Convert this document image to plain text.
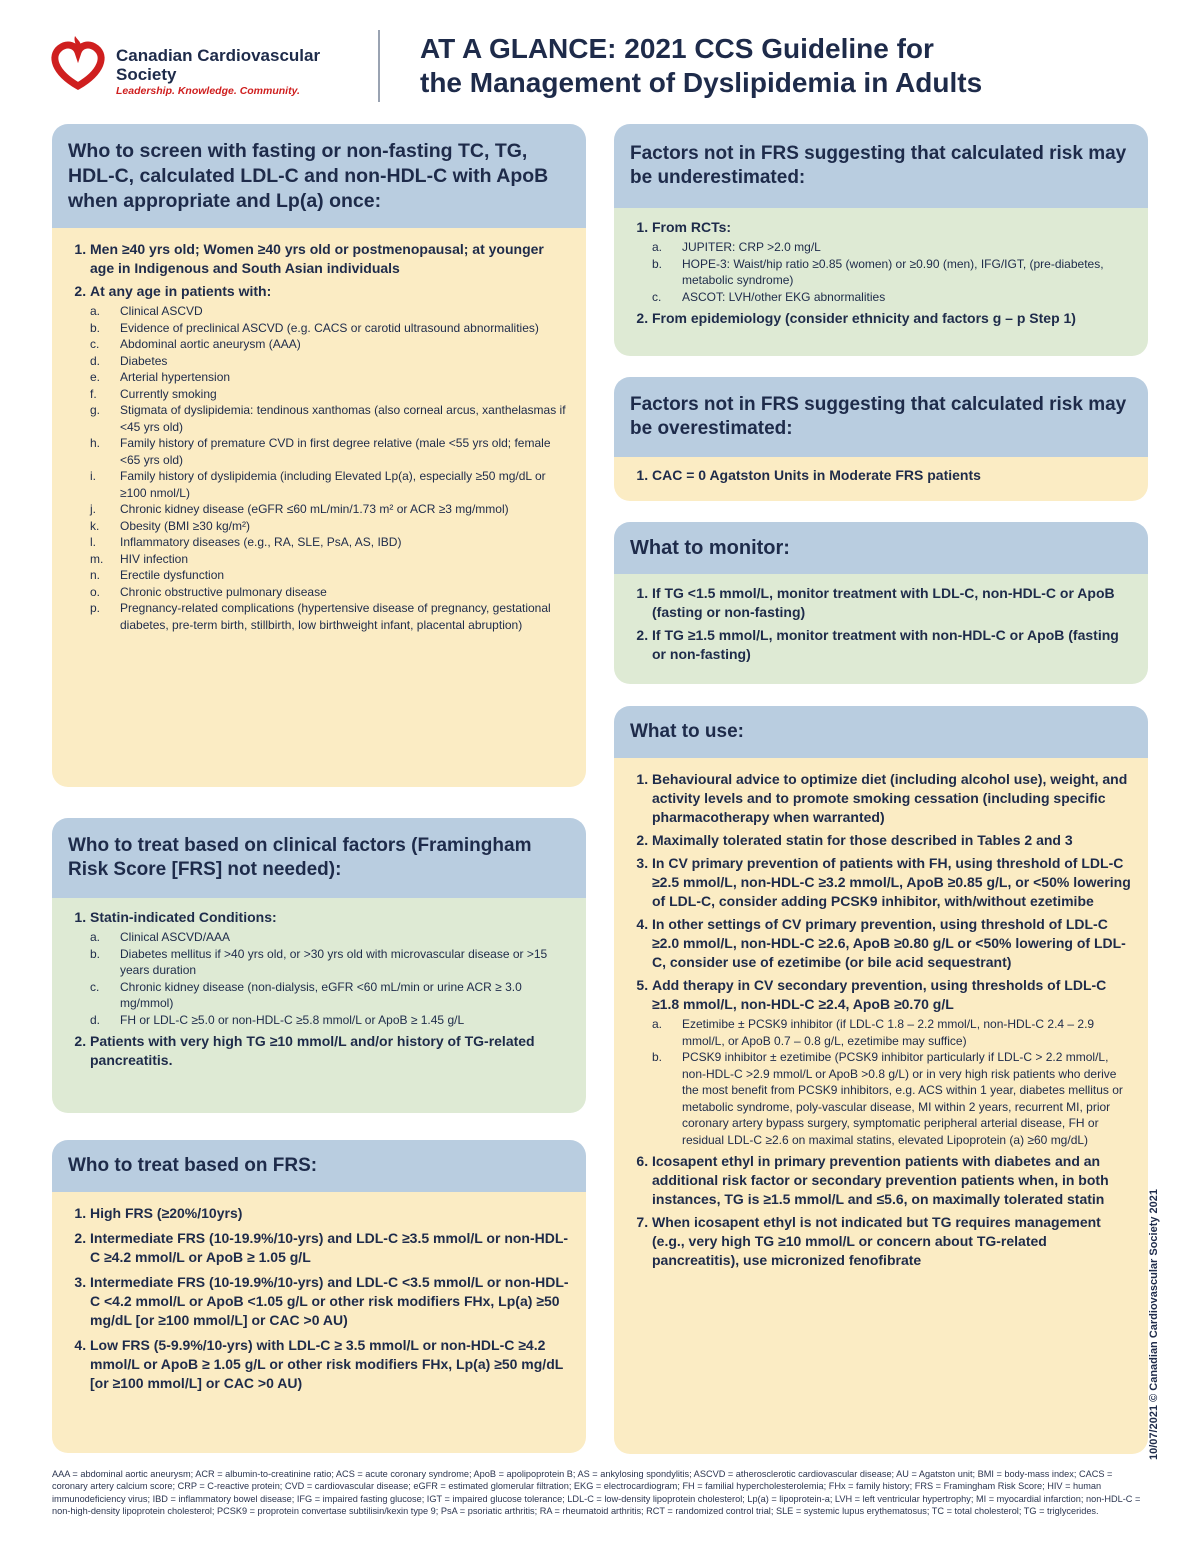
Canadian Cardiovascular
Society
Leadership. Knowledge. Community.
AT A GLANCE: 2021 CCS Guideline for
the Management of Dyslipidemia in Adults
Who to screen with fasting or non-fasting TC, TG, HDL-C, calculated LDL-C and non-HDL-C with ApoB when appropriate and Lp(a) once:
1. Men ≥40 yrs old; Women ≥40 yrs old or postmenopausal; at younger age in Indigenous and South Asian individuals
2. At any age in patients with:
a.	Clinical ASCVD
b.	Evidence of preclinical ASCVD (e.g. CACS or carotid ultrasound abnormalities)
c.	Abdominal aortic aneurysm (AAA)
d.	Diabetes
e.	Arterial hypertension
f.	Currently smoking
g.	Stigmata of dyslipidemia: tendinous xanthomas (also corneal arcus, xanthelasmas if <45 yrs old)
h.	Family history of premature CVD in first degree relative (male <55 yrs old; female <65 yrs old)
i.	Family history of dyslipidemia (including Elevated Lp(a), especially ≥50 mg/dL or ≥100 nmol/L)
j.	Chronic kidney disease (eGFR ≤60 mL/min/1.73 m² or ACR ≥3 mg/mmol)
k.	Obesity (BMI ≥30 kg/m²)
l.	Inflammatory diseases (e.g., RA, SLE, PsA, AS, IBD)
m.	HIV infection
n.	Erectile dysfunction
o.	Chronic obstructive pulmonary disease
p.	Pregnancy-related complications (hypertensive disease of pregnancy, gestational diabetes, pre-term birth, stillbirth, low birthweight infant, placental abruption)
Who to treat based on clinical factors (Framingham Risk Score [FRS] not needed):
1. Statin-indicated Conditions:
a.	Clinical ASCVD/AAA
b.	Diabetes mellitus if >40 yrs old, or >30 yrs old with microvascular disease or >15 years duration
c.	Chronic kidney disease (non-dialysis, eGFR <60 mL/min or urine ACR ≥ 3.0 mg/mmol)
d.	FH or LDL-C ≥5.0 or non-HDL-C ≥5.8 mmol/L or ApoB ≥ 1.45 g/L
2. Patients with very high TG ≥10 mmol/L and/or history of TG-related pancreatitis.
Who to treat based on FRS:
1. High FRS (≥20%/10yrs)
2. Intermediate FRS (10-19.9%/10-yrs) and LDL-C ≥3.5 mmol/L or non-HDL-C ≥4.2 mmol/L or ApoB ≥ 1.05 g/L
3. Intermediate FRS (10-19.9%/10-yrs) and LDL-C <3.5 mmol/L or non-HDL-C <4.2 mmol/L or ApoB <1.05 g/L or other risk modifiers FHx, Lp(a) ≥50 mg/dL [or ≥100 mmol/L] or CAC >0 AU)
4. Low FRS (5-9.9%/10-yrs) with LDL-C ≥ 3.5 mmol/L or non-HDL-C ≥4.2 mmol/L or ApoB ≥ 1.05 g/L or other risk modifiers FHx, Lp(a) ≥50 mg/dL [or ≥100 mmol/L] or CAC >0 AU)
Factors not in FRS suggesting that calculated risk may be underestimated:
1. From RCTs:
a.	JUPITER: CRP >2.0 mg/L
b.	HOPE-3: Waist/hip ratio ≥0.85 (women) or ≥0.90 (men), IFG/IGT, (pre-diabetes, metabolic syndrome)
c.	ASCOT: LVH/other EKG abnormalities
2. From epidemiology (consider ethnicity and factors g – p Step 1)
Factors not in FRS suggesting that calculated risk may be overestimated:
1. CAC = 0 Agatston Units in Moderate FRS patients
What to monitor:
1. If TG <1.5 mmol/L, monitor treatment with LDL-C, non-HDL-C or ApoB (fasting or non-fasting)
2. If TG ≥1.5 mmol/L, monitor treatment with non-HDL-C or ApoB (fasting or non-fasting)
What to use:
1. Behavioural advice to optimize diet (including alcohol use), weight, and activity levels and to promote smoking cessation (including specific pharmacotherapy when warranted)
2. Maximally tolerated statin for those described in Tables 2 and 3
3. In CV primary prevention of patients with FH, using threshold of LDL-C ≥2.5 mmol/L, non-HDL-C ≥3.2 mmol/L, ApoB ≥0.85 g/L, or <50% lowering of LDL-C, consider adding PCSK9 inhibitor, with/without ezetimibe
4. In other settings of CV primary prevention, using threshold of LDL-C ≥2.0 mmol/L, non-HDL-C ≥2.6, ApoB ≥0.80 g/L or <50% lowering of LDL-C, consider use of ezetimibe (or bile acid sequestrant)
5. Add therapy in CV secondary prevention, using thresholds of LDL-C ≥1.8 mmol/L, non-HDL-C ≥2.4, ApoB ≥0.70 g/L
a.	Ezetimibe ± PCSK9 inhibitor (if LDL-C 1.8 – 2.2 mmol/L, non-HDL-C 2.4 – 2.9 mmol/L, or ApoB 0.7 – 0.8 g/L, ezetimibe may suffice)
b.	PCSK9 inhibitor ± ezetimibe (PCSK9 inhibitor particularly if LDL-C > 2.2 mmol/L, non-HDL-C >2.9 mmol/L or ApoB >0.8 g/L) or in very high risk patients who derive the most benefit from PCSK9 inhibitors, e.g. ACS within 1 year, diabetes mellitus or metabolic syndrome, poly-vascular disease, MI within 2 years, recurrent MI, prior coronary artery bypass surgery, symptomatic peripheral arterial disease, FH or residual LDL-C ≥2.6 on maximal statins, elevated Lipoprotein (a) ≥60 mg/dL)
6. Icosapent ethyl in primary prevention patients with diabetes and an additional risk factor or secondary prevention patients when, in both instances, TG is ≥1.5 mmol/L and ≤5.6, on maximally tolerated statin
7. When icosapent ethyl is not indicated but TG requires management (e.g., very high TG ≥10 mmol/L or concern about TG-related pancreatitis), use micronized fenofibrate	10/07/2021 © Canadian Cardiovascular Society 2021
AAA = abdominal aortic aneurysm; ACR = albumin-to-creatinine ratio; ACS = acute coronary syndrome; ApoB = apolipoprotein B; AS = ankylosing spondylitis; ASCVD = atherosclerotic cardiovascular disease; AU = Agatston unit; BMI = body-mass index; CACS = coronary artery calcium score; CRP = C-reactive protein; CVD = cardiovascular disease; eGFR = estimated glomerular filtration; EKG = electrocardiogram; FH = familial hypercholesterolemia; FHx = family history; FRS = Framingham Risk Score; HIV = human immunodeficiency virus; IBD = inflammatory bowel disease; IFG = impaired fasting glucose; IGT = impaired glucose tolerance; LDL-C = low-density lipoprotein cholesterol; Lp(a) = lipoprotein-a; LVH = left ventricular hypertrophy; MI = myocardial infarction; non-HDL-C = non-high-density lipoprotein cholesterol; PCSK9 = proprotein convertase subtilisin/kexin type 9; PsA = psoriatic arthritis; RA = rheumatoid arthritis; RCT = randomized control trial; SLE = systemic lupus erythematosus; TC = total cholesterol; TG = triglycerides.
